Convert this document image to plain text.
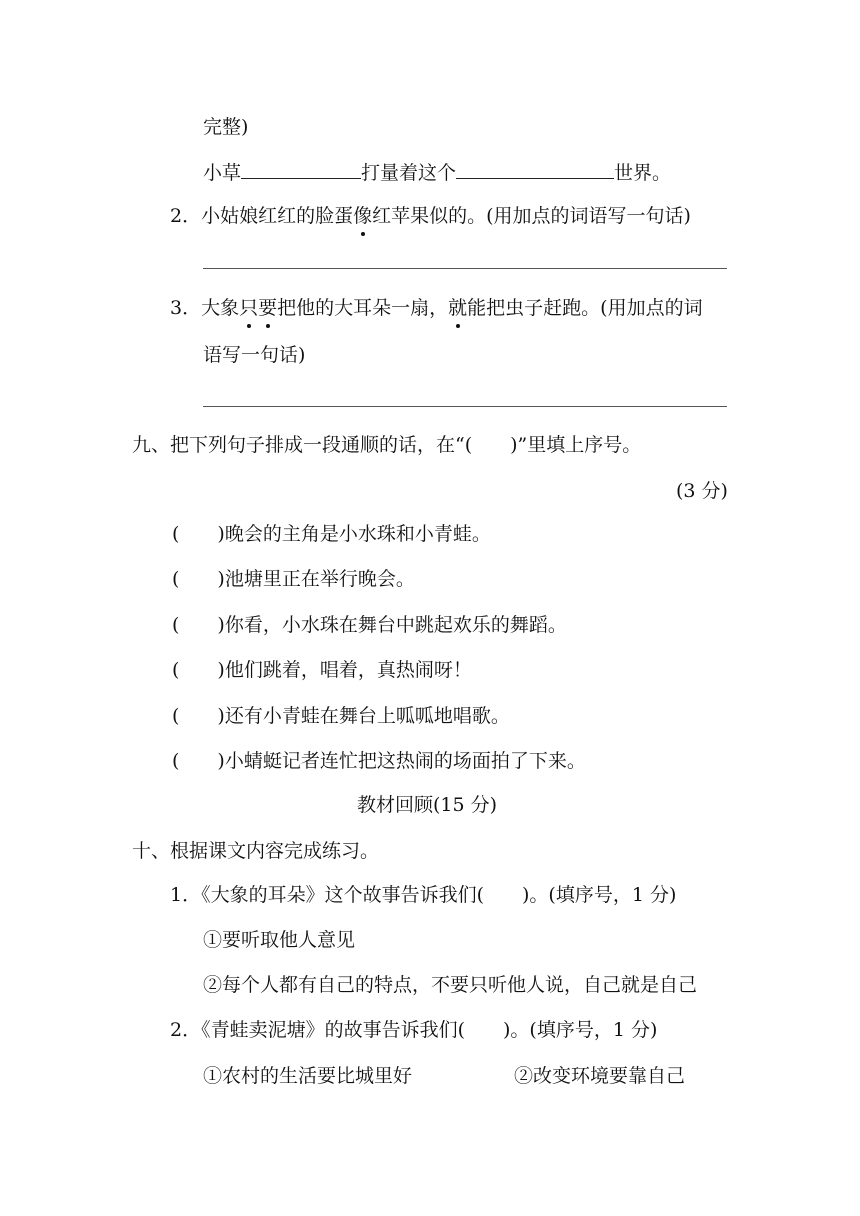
完整)
小草	打量着这个	世界。
2．小姑娘红红的脸蛋像红苹果似的。(用加点的词语写一句话)
3．大象只要把他的大耳朵一扇，就能把虫子赶跑。(用加点的词
语写一句话)
九、把下列句子排成一段通顺的话，在“(　　)”里填上序号。
(3 分)
(　　)晚会的主角是小水珠和小青蛙。
(　　)池塘里正在举行晚会。
(　　)你看，小水珠在舞台中跳起欢乐的舞蹈。
(　　)他们跳着，唱着，真热闹呀！
(　　)还有小青蛙在舞台上呱呱地唱歌。
(　　)小蜻蜓记者连忙把这热闹的场面拍了下来。
教材回顾(15 分)
十、根据课文内容完成练习。
1．《大象的耳朵》这个故事告诉我们(　　)。(填序号，1 分)
①要听取他人意见
②每个人都有自己的特点，不要只听他人说，自己就是自己
2．《青蛙卖泥塘》的故事告诉我们(　　)。(填序号，1 分)
①农村的生活要比城里好	②改变环境要靠自己
